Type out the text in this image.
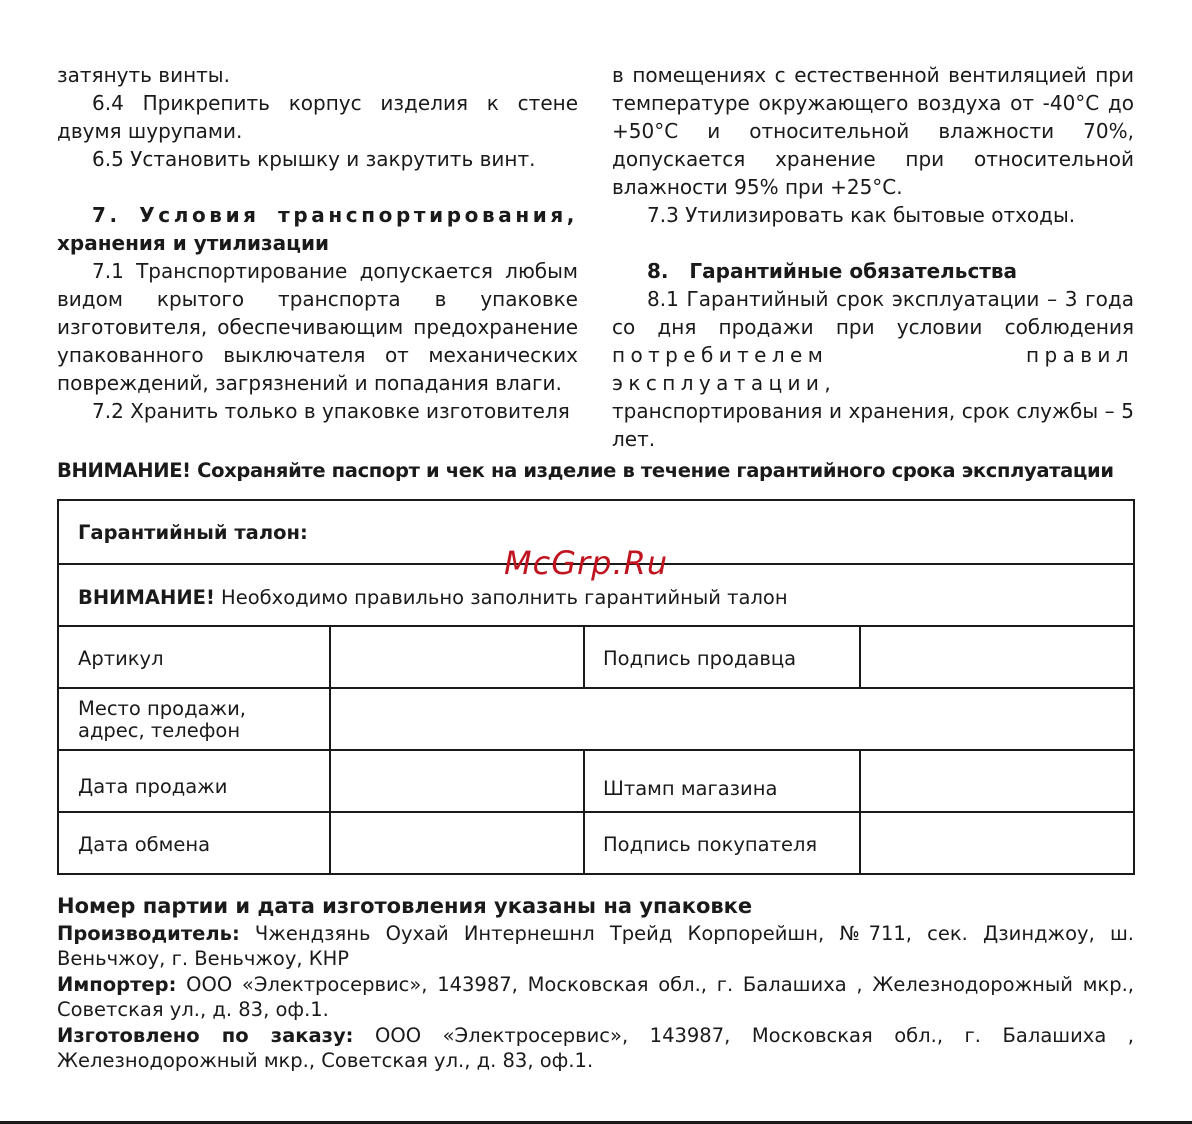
затянуть винты.

6.4 Прикрепить корпус изделия к стене двумя шурупами.

6.5 Установить крышку и закрутить винт.

7. Условия транспортирования,

хранения и утилизации

7.1 Транспортирование допускается любым видом крытого транспорта в упаковке изготовителя, обеспечивающим предохранение упакованного выключателя от механических повреждений, загрязнений и попадания влаги.

7.2 Хранить только в упаковке изготовителя

в помещениях с естественной вентиляцией при температуре окружающего воздуха от -40°С до +50°С и относительной влажности 70%, допускается хранение при относительной влажности 95% при +25°С.

7.3 Утилизировать как бытовые отходы.

8.   Гарантийные обязательства

8.1 Гарантийный срок эксплуатации – 3 года со дня продажи при условии соблюдения

потребителем правил эксплуатации,

транспортирования и хранения, срок службы – 5 лет.

ВНИМАНИЕ! Сохраняйте паспорт и чек на изделие в течение гарантийного срока эксплуатации
Гарантийный талон:
ВНИМАНИЕ! Необходимо правильно заполнить гарантийный талон
Артикул	Подпись продавца
Место продажи,
адрес, телефон
Дата продажи	Штамп магазина
Дата обмена	Подпись покупателя
McGrp.Ru

Номер партии и дата изготовления указаны на упаковке

Производитель: Чжендзянь Оухай Интернешнл Трейд Корпорейшн, №711, сек. Дзинджоу, ш. Веньчжоу, г. Веньчжоу, КНР

Импортер: ООО «Электросервис», 143987, Московская обл., г. Балашиха , Железнодорожный мкр., Советская ул., д. 83, оф.1.

Изготовлено по заказу: ООО «Электросервис», 143987, Московская обл., г. Балашиха , Железнодорожный мкр., Советская ул., д. 83, оф.1.
